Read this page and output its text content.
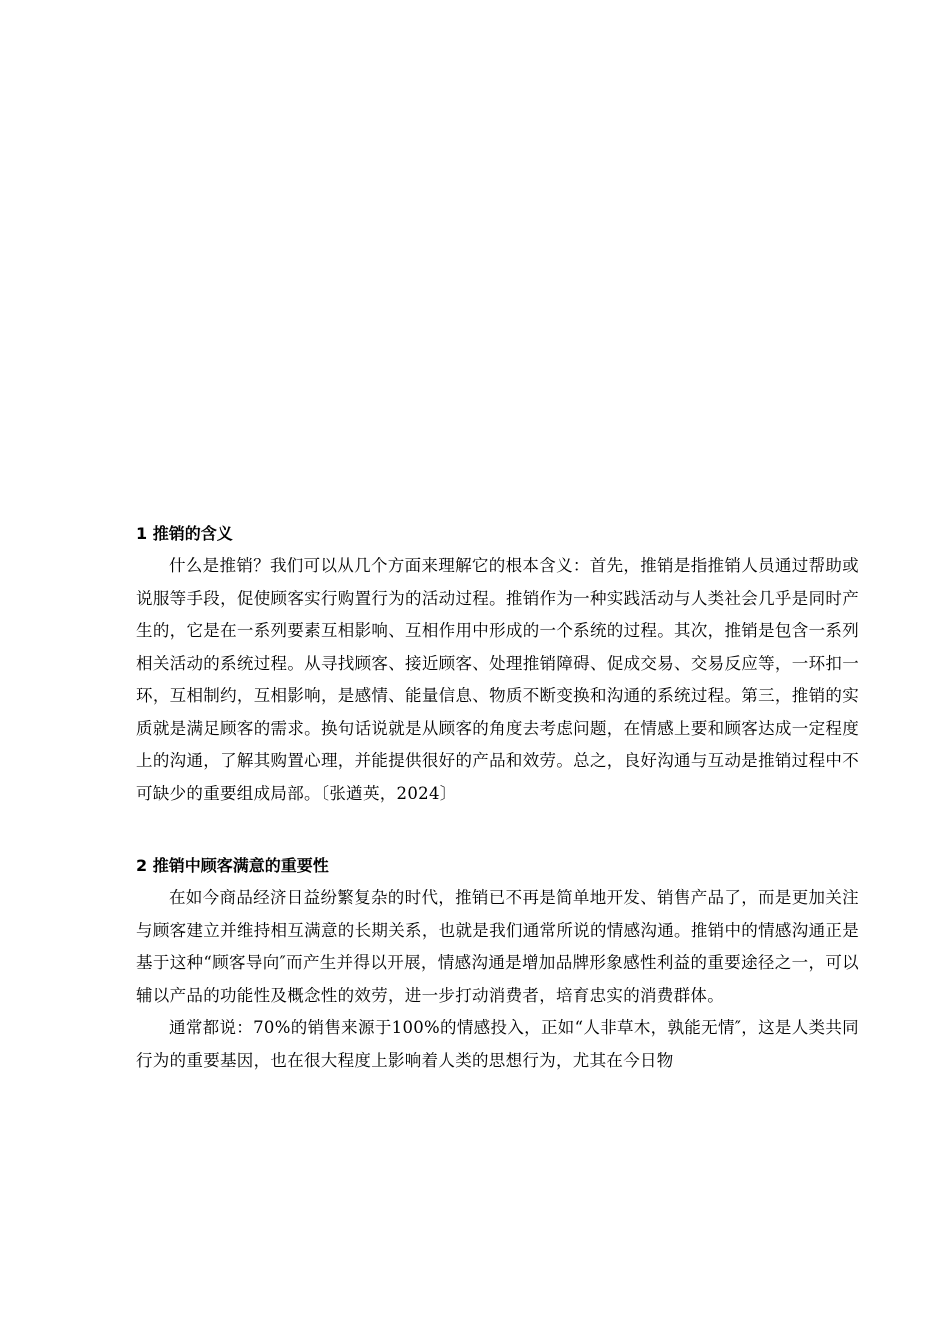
1 推销的含义

什么是推销？我们可以从几个方面来理解它的根本含义：首先，推销是指推销人员通过帮助或说服等手段，促使顾客实行购置行为的活动过程。推销作为一种实践活动与人类社会几乎是同时产生的，它是在一系列要素互相影响、互相作用中形成的一个系统的过程。其次，推销是包含一系列相关活动的系统过程。从寻找顾客、接近顾客、处理推销障碍、促成交易、交易反应等，一环扣一环，互相制约，互相影响，是感情、能量信息、物质不断变换和沟通的系统过程。第三，推销的实质就是满足顾客的需求。换句话说就是从顾客的角度去考虑问题，在情感上要和顾客达成一定程度上的沟通，了解其购置心理，并能提供很好的产品和效劳。总之，良好沟通与互动是推销过程中不可缺少的重要组成局部。〔张遒英，2024〕

2 推销中顾客满意的重要性

在如今商品经济日益纷繁复杂的时代，推销已不再是简单地开发、销售产品了，而是更加关注与顾客建立并维持相互满意的长期关系，也就是我们通常所说的情感沟通。推销中的情感沟通正是基于这种“顾客导向″而产生并得以开展，情感沟通是增加品牌形象感性利益的重要途径之一，可以辅以产品的功能性及概念性的效劳，进一步打动消费者，培育忠实的消费群体。

通常都说：70%的销售来源于100%的情感投入，正如“人非草木，孰能无情″，这是人类共同行为的重要基因，也在很大程度上影响着人类的思想行为，尤其在今日物
